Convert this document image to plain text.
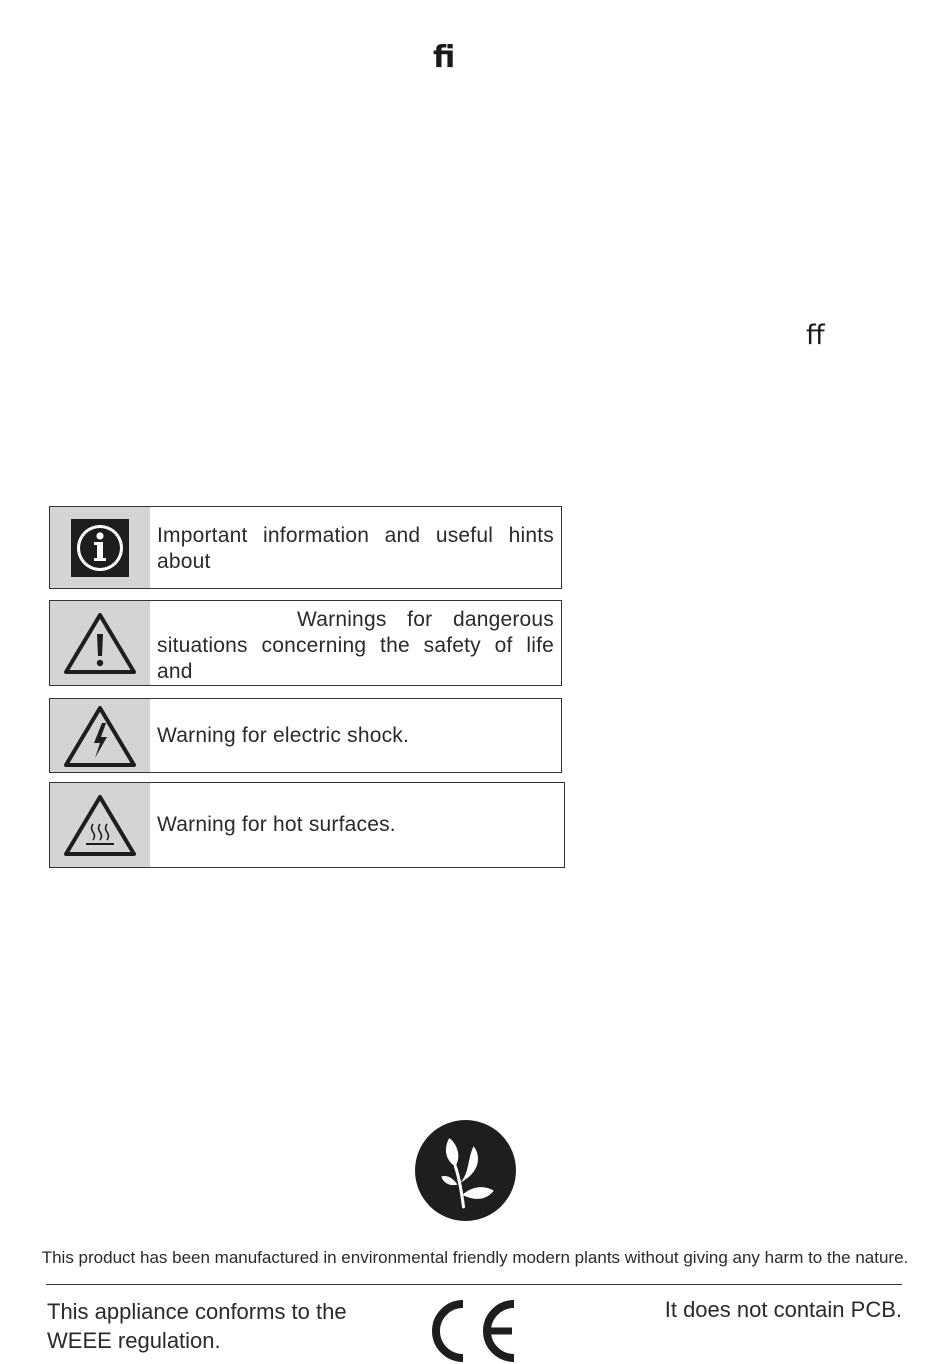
ﬁ
ﬀ
Important information and useful hints about
Warnings for dangerous
situations concerning the safety of life and
Warning for electric shock.
Warning for hot surfaces.
This product has been manufactured in environmental friendly modern plants without giving any harm to the nature.
This appliance conforms to the
WEEE regulation.
It does not contain PCB.
